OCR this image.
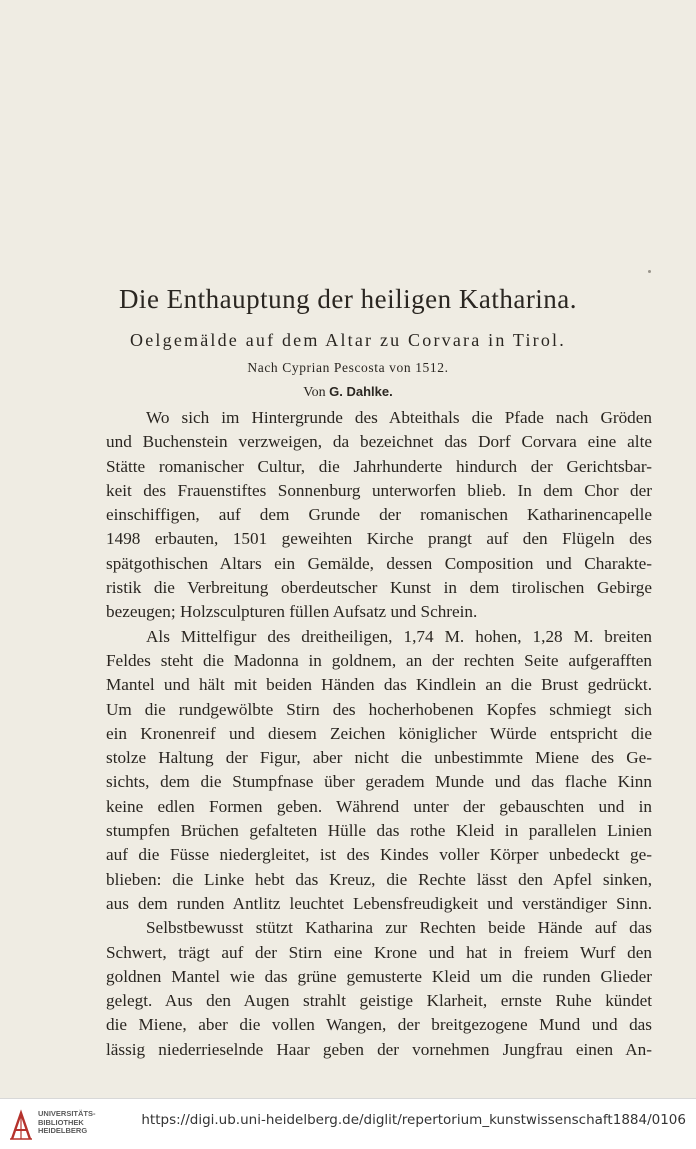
Die Enthauptung der heiligen Katharina.
Oelgemälde auf dem Altar zu Corvara in Tirol.
Nach Cyprian Pescosta von 1512.
Von G. Dahlke.
Wo sich im Hintergrunde des Abteithals die Pfade nach Gröden
und Buchenstein verzweigen, da bezeichnet das Dorf Corvara eine alte
Stätte romanischer Cultur, die Jahrhunderte hindurch der Gerichtsbar-
keit des Frauenstiftes Sonnenburg unterworfen blieb. In dem Chor der
einschiffigen, auf dem Grunde der romanischen Katharinencapelle
1498 erbauten, 1501 geweihten Kirche prangt auf den Flügeln des
spätgothischen Altars ein Gemälde, dessen Composition und Charakte-
ristik die Verbreitung oberdeutscher Kunst in dem tirolischen Gebirge
bezeugen; Holzsculpturen füllen Aufsatz und Schrein.
Als Mittelfigur des dreitheiligen, 1,74 M. hohen, 1,28 M. breiten
Feldes steht die Madonna in goldnem, an der rechten Seite aufgerafften
Mantel und hält mit beiden Händen das Kindlein an die Brust gedrückt.
Um die rundgewölbte Stirn des hocherhobenen Kopfes schmiegt sich
ein Kronenreif und diesem Zeichen königlicher Würde entspricht die
stolze Haltung der Figur, aber nicht die unbestimmte Miene des Ge-
sichts, dem die Stumpfnase über geradem Munde und das flache Kinn
keine edlen Formen geben. Während unter der gebauschten und in
stumpfen Brüchen gefalteten Hülle das rothe Kleid in parallelen Linien
auf die Füsse niedergleitet, ist des Kindes voller Körper unbedeckt ge-
blieben: die Linke hebt das Kreuz, die Rechte lässt den Apfel sinken,
aus dem runden Antlitz leuchtet Lebensfreudigkeit und verständiger Sinn.
Selbstbewusst stützt Katharina zur Rechten beide Hände auf das
Schwert, trägt auf der Stirn eine Krone und hat in freiem Wurf den
goldnen Mantel wie das grüne gemusterte Kleid um die runden Glieder
gelegt. Aus den Augen strahlt geistige Klarheit, ernste Ruhe kündet
die Miene, aber die vollen Wangen, der breitgezogene Mund und das
lässig niederrieselnde Haar geben der vornehmen Jungfrau einen An-
UNIVERSITÄTS-
BIBLIOTHEK
HEIDELBERG
https://digi.ub.uni-heidelberg.de/diglit/repertorium_kunstwissenschaft1884/0106
